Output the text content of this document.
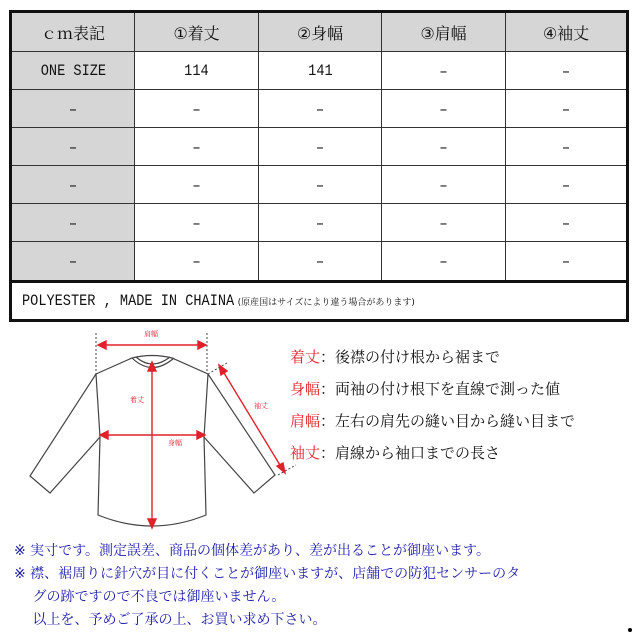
ｃｍ表記	①着丈	②身幅	③肩幅	④袖丈
ONE SIZE	114	141	–	–
–	–	–	–	–
–	–	–	–	–
–	–	–	–	–
–	–	–	–	–
–	–	–	–	–
POLYESTER , MADE IN CHAINA (原産国はサイズにより違う場合があります)
肩幅
着丈
身幅
袖丈
着丈 ： 後襟の付け根から裾まで
身幅 ： 両袖の付け根下を直線で測った値
肩幅 ： 左右の肩先の縫い目から縫い目まで
袖丈 ： 肩線から袖口までの長さ
※ 実寸です。測定誤差、商品の個体差があり、差が出ることが御座います。
※ 襟、裾周りに針穴が目に付くことが御座いますが、店舗での防犯センサーのタ
　 グの跡ですので不良では御座いません。
　 以上を、予めご了承の上、お買い求め下さい。
